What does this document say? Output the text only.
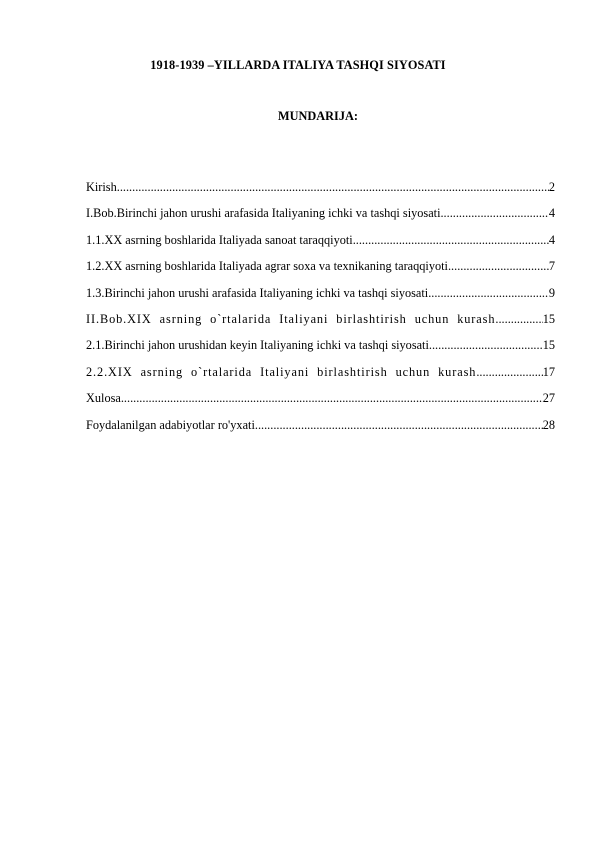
1918-1939 –YILLARDA ITALIYA TASHQI SIYOSATI
MUNDARIJA:
Kirish .....	2
I.Bob.Birinchi jahon urushi arafasida Italiyaning ichki va tashqi siyosati .....	4
1.1.XX asrning boshlarida Italiyada sanoat taraqqiyoti .....	4
1.2.XX asrning boshlarida Italiyada agrar soxa va texnikaning taraqqiyoti .....	7
1.3.Birinchi jahon urushi arafasida Italiyaning ichki va tashqi siyosati .....	9
II.Bob.XIX asrning o`rtalarida Italiyani birlashtirish uchun kurash .....	15
2.1.Birinchi jahon urushidan keyin Italiyaning ichki va tashqi siyosati .....	15
2.2.XIX asrning o`rtalarida Italiyani birlashtirish uchun kurash .....	17
Xulosa .....	27
Foydalanilgan adabiyotlar ro'yxati .....	28
